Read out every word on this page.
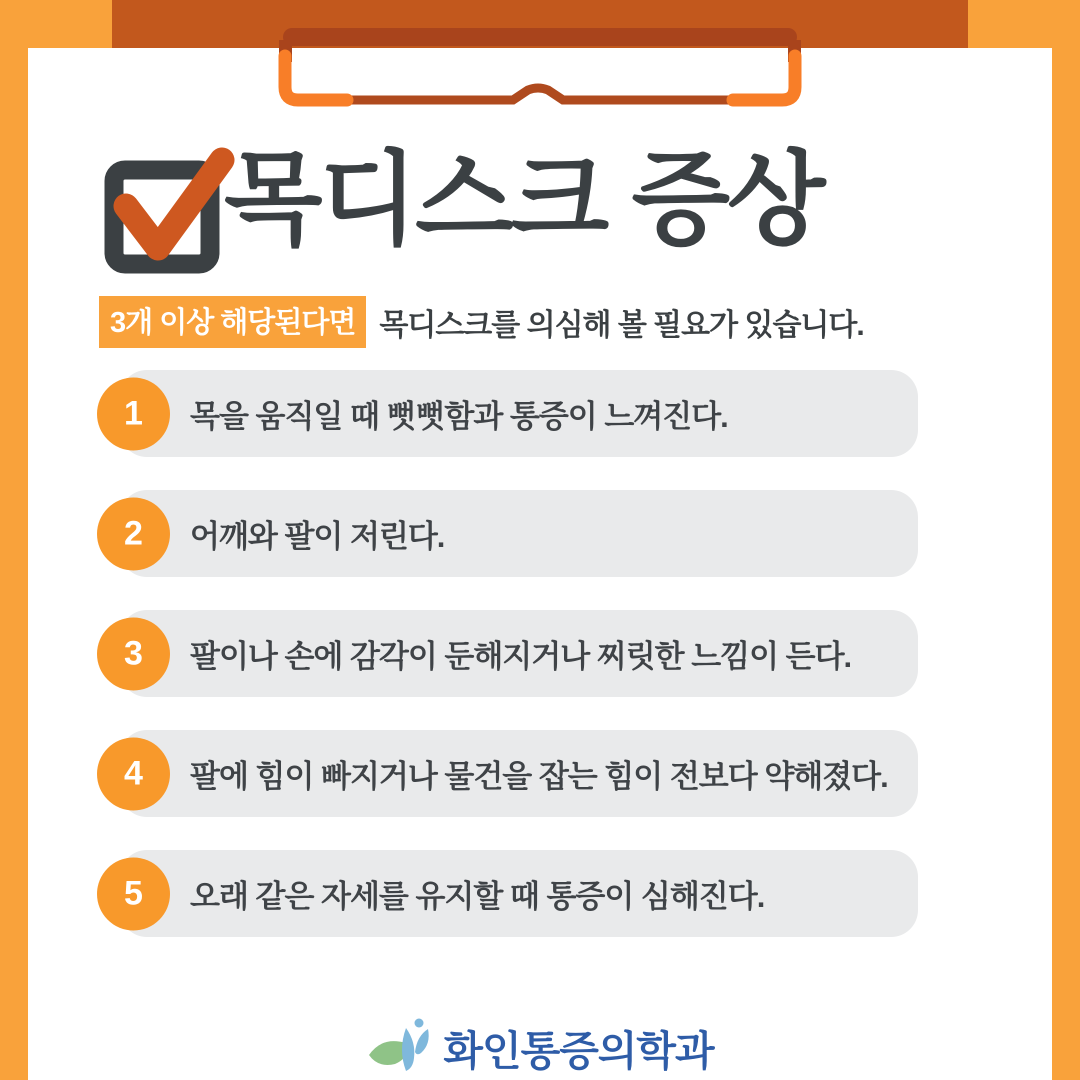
목디스크 증상
3개 이상 해당된다면 목디스크를 의심해 볼 필요가 있습니다.
1 목을 움직일 때 뻣뻣함과 통증이 느껴진다.
2 어깨와 팔이 저린다.
3 팔이나 손에 감각이 둔해지거나 찌릿한 느낌이 든다.
4 팔에 힘이 빠지거나 물건을 잡는 힘이 전보다 약해졌다.
5 오래 같은 자세를 유지할 때 통증이 심해진다.
화인통증의학과
